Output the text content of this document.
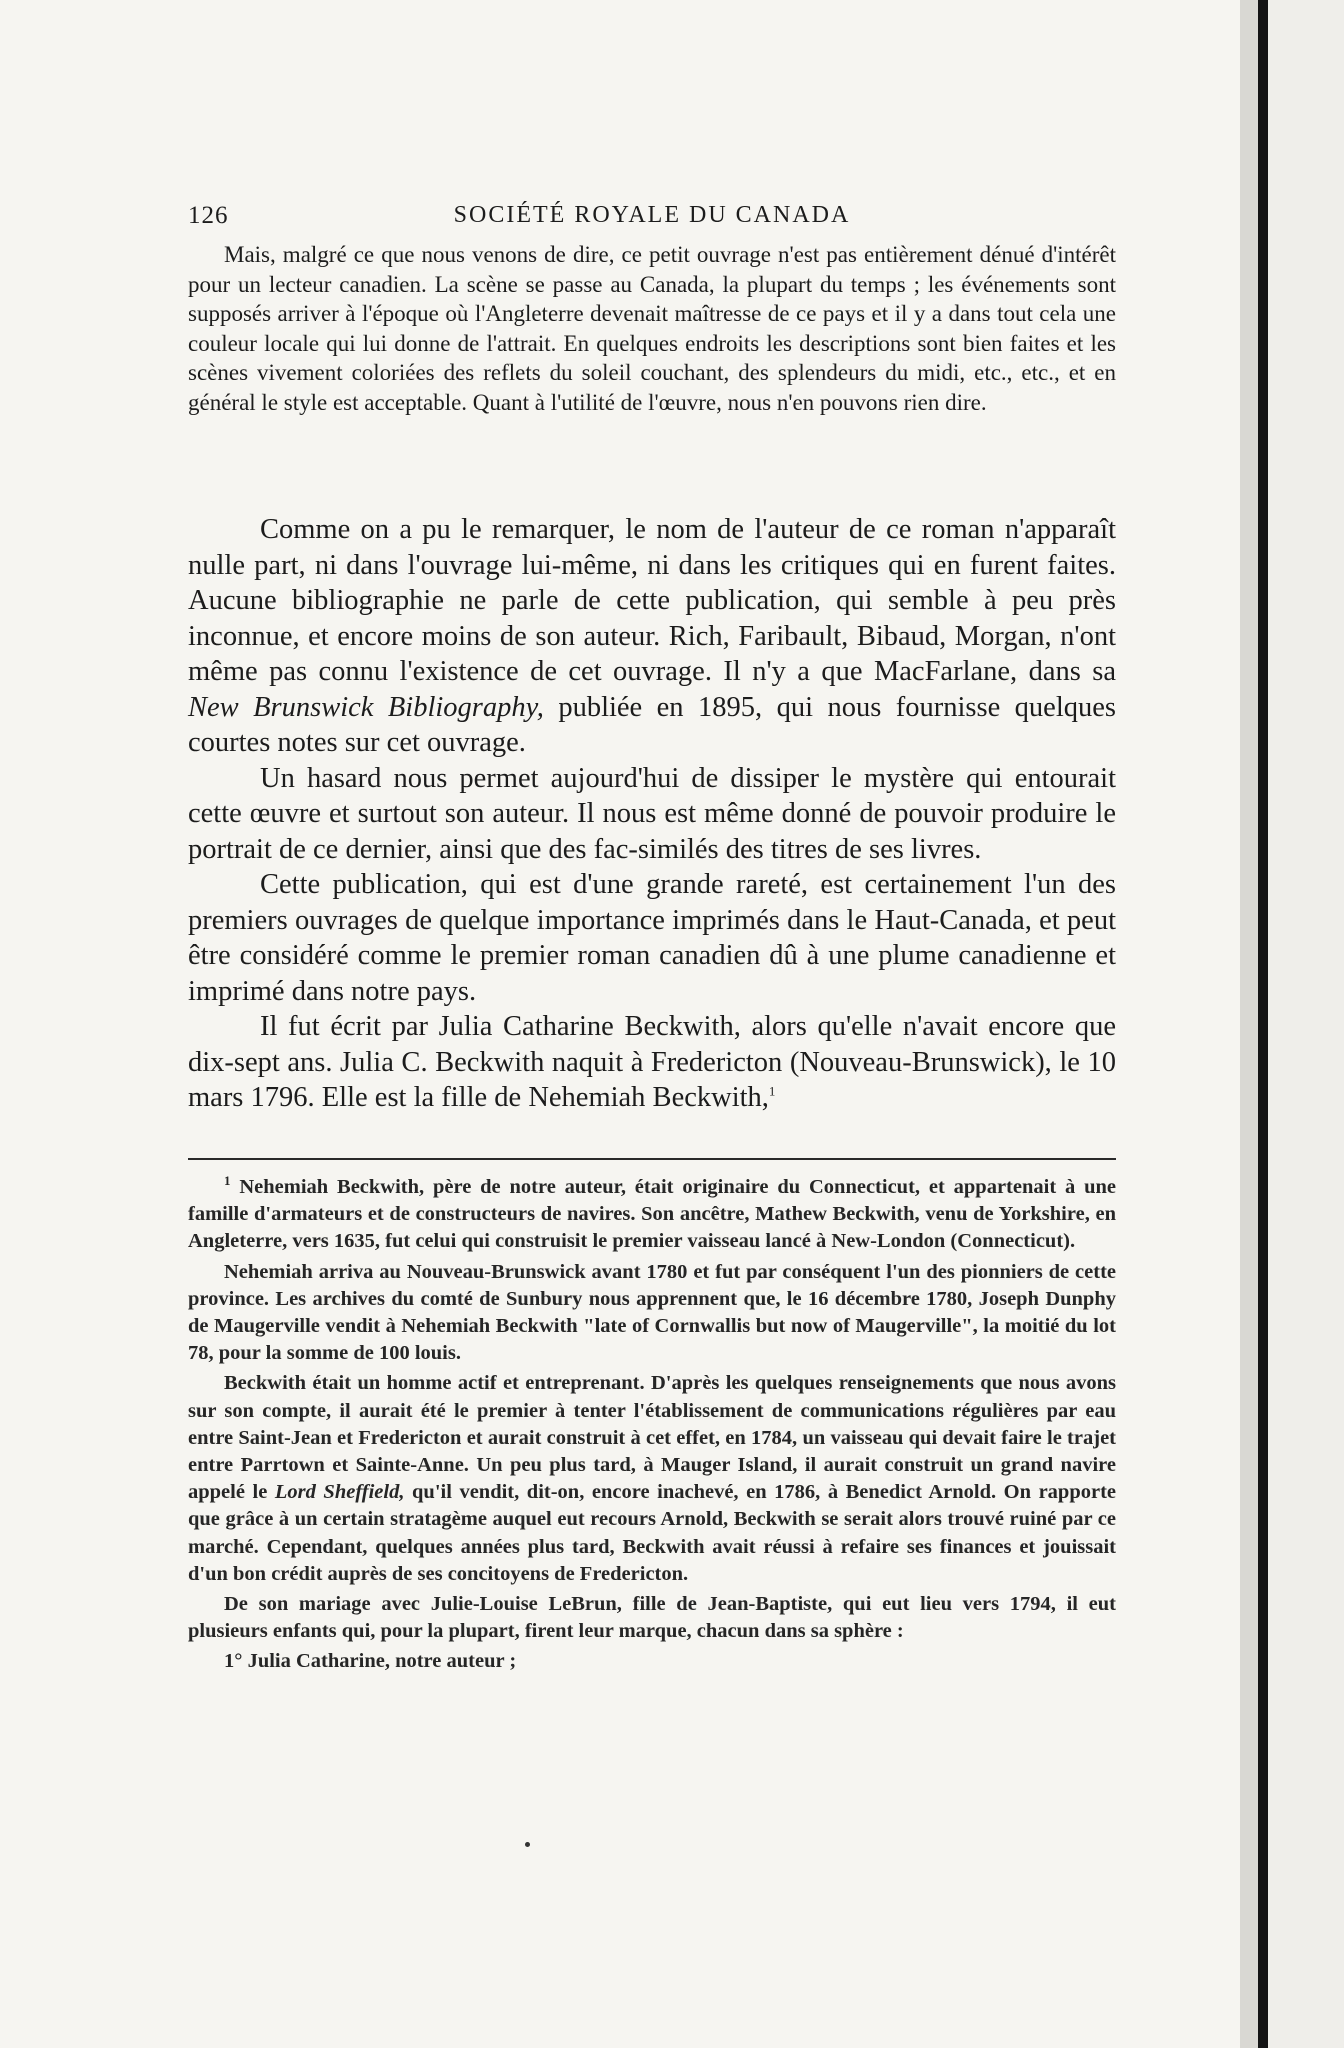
126	SOCIÉTÉ ROYALE DU CANADA

Mais, malgré ce que nous venons de dire, ce petit ouvrage n'est pas entièrement dénué d'intérêt pour un lecteur canadien. La scène se passe au Canada, la plupart du temps ; les événements sont supposés arriver à l'époque où l'Angleterre devenait maîtresse de ce pays et il y a dans tout cela une couleur locale qui lui donne de l'attrait. En quelques endroits les descriptions sont bien faites et les scènes vivement coloriées des reflets du soleil couchant, des splendeurs du midi, etc., etc., et en général le style est acceptable. Quant à l'utilité de l'œuvre, nous n'en pouvons rien dire.

Comme on a pu le remarquer, le nom de l'auteur de ce roman n'apparaît nulle part, ni dans l'ouvrage lui-même, ni dans les critiques qui en furent faites. Aucune bibliographie ne parle de cette publication, qui semble à peu près inconnue, et encore moins de son auteur. Rich, Faribault, Bibaud, Morgan, n'ont même pas connu l'existence de cet ouvrage. Il n'y a que MacFarlane, dans sa New Brunswick Bibliography, publiée en 1895, qui nous fournisse quelques courtes notes sur cet ouvrage.

Un hasard nous permet aujourd'hui de dissiper le mystère qui entourait cette œuvre et surtout son auteur. Il nous est même donné de pouvoir produire le portrait de ce dernier, ainsi que des fac-similés des titres de ses livres.

Cette publication, qui est d'une grande rareté, est certainement l'un des premiers ouvrages de quelque importance imprimés dans le Haut-Canada, et peut être considéré comme le premier roman canadien dû à une plume canadienne et imprimé dans notre pays.

Il fut écrit par Julia Catharine Beckwith, alors qu'elle n'avait encore que dix-sept ans. Julia C. Beckwith naquit à Fredericton (Nouveau-Brunswick), le 10 mars 1796. Elle est la fille de Nehemiah Beckwith,$^1$

$^1$ Nehemiah Beckwith, père de notre auteur, était originaire du Connecticut, et appartenait à une famille d'armateurs et de constructeurs de navires. Son ancêtre, Mathew Beckwith, venu de Yorkshire, en Angleterre, vers 1635, fut celui qui construisit le premier vaisseau lancé à New-London (Connecticut).

Nehemiah arriva au Nouveau-Brunswick avant 1780 et fut par conséquent l'un des pionniers de cette province. Les archives du comté de Sunbury nous apprennent que, le 16 décembre 1780, Joseph Dunphy de Maugerville vendit à Nehemiah Beckwith "late of Cornwallis but now of Maugerville", la moitié du lot 78, pour la somme de 100 louis.

Beckwith était un homme actif et entreprenant. D'après les quelques renseignements que nous avons sur son compte, il aurait été le premier à tenter l'établissement de communications régulières par eau entre Saint-Jean et Fredericton et aurait construit à cet effet, en 1784, un vaisseau qui devait faire le trajet entre Parrtown et Sainte-Anne. Un peu plus tard, à Mauger Island, il aurait construit un grand navire appelé le Lord Sheffield, qu'il vendit, dit-on, encore inachevé, en 1786, à Benedict Arnold. On rapporte que grâce à un certain stratagème auquel eut recours Arnold, Beckwith se serait alors trouvé ruiné par ce marché. Cependant, quelques années plus tard, Beckwith avait réussi à refaire ses finances et jouissait d'un bon crédit auprès de ses concitoyens de Fredericton.

De son mariage avec Julie-Louise LeBrun, fille de Jean-Baptiste, qui eut lieu vers 1794, il eut plusieurs enfants qui, pour la plupart, firent leur marque, chacun dans sa sphère :

1° Julia Catharine, notre auteur ;
